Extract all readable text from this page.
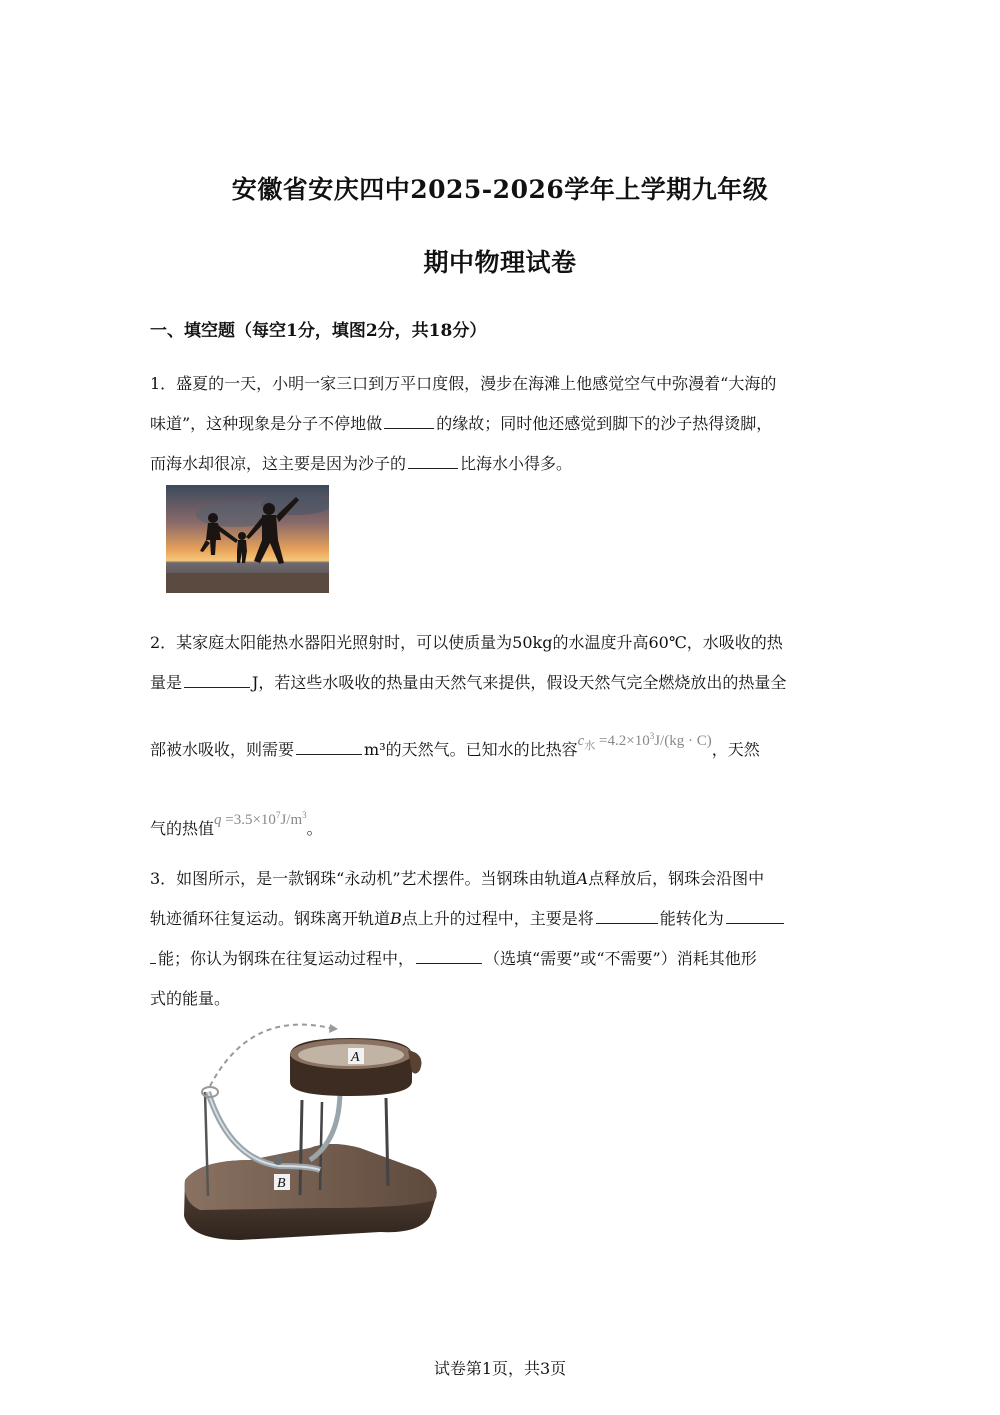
安徽省安庆四中2025-2026学年上学期九年级
期中物理试卷
一、填空题（每空1分，填图2分，共18分）
1．盛夏的一天，小明一家三口到万平口度假，漫步在海滩上他感觉空气中弥漫着“大海的
味道”，这种现象是分子不停地做	的缘故；同时他还感觉到脚下的沙子热得烫脚，
而海水却很凉，这主要是因为沙子的	比海水小得多。
2．某家庭太阳能热水器阳光照射时，可以使质量为50kg的水温度升高60℃，水吸收的热
量是	J，若这些水吸收的热量由天然气来提供，假设天然气完全燃烧放出的热量全
部被水吸收，则需要	m³的天然气。已知水的比热容$c_水 =4.2\times 10^3J/(kg \cdot C)$，天然
气的热值$q =3.5\times 10^7J/m^3$。
3．如图所示，是一款钢珠“永动机”艺术摆件。当钢珠由轨道A点释放后，钢珠会沿图中
轨迹循环往复运动。钢珠离开轨道B点上升的过程中，主要是将	能转化为
能；你认为钢珠在往复运动过程中，	（选填“需要”或“不需要”）消耗其他形
式的能量。
A
B
试卷第1页，共3页
